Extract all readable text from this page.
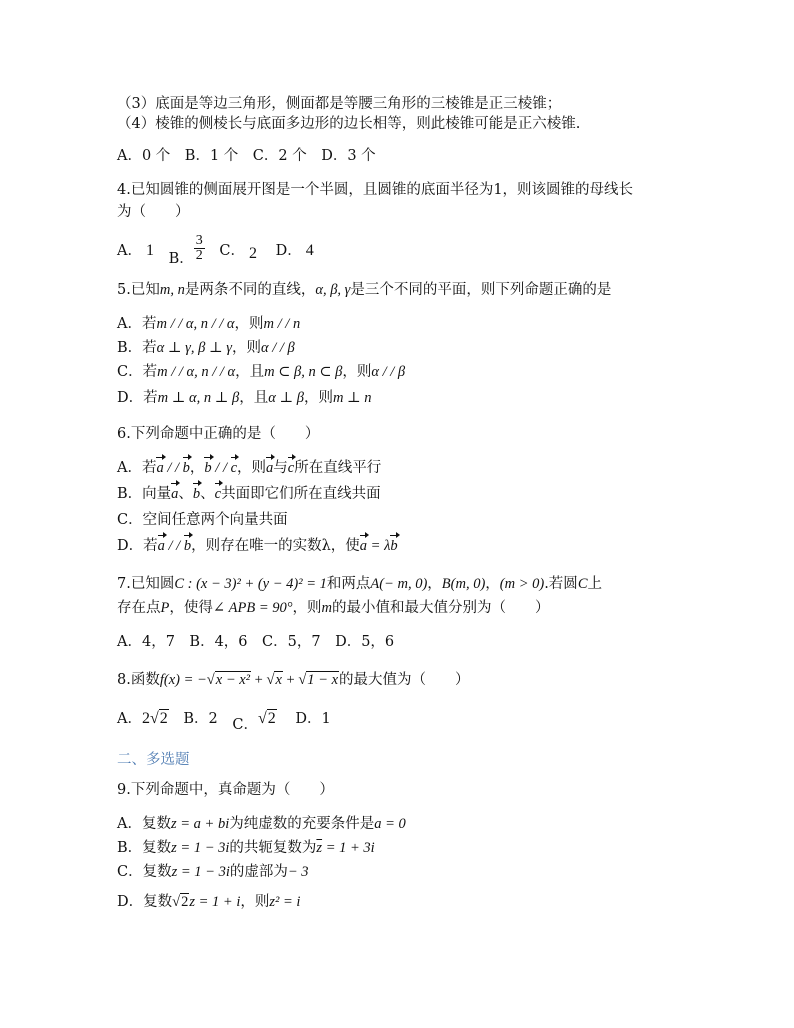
（3）底面是等边三角形，侧面都是等腰三角形的三棱锥是正三棱锥；
（4）棱锥的侧棱长与底面多边形的边长相等，则此棱锥可能是正六棱锥.
A．0 个　B．1 个　C．2 个　D．3 个
4.已知圆锥的侧面展开图是一个半圆，且圆锥的底面半径为1，则该圆锥的母线长
为（　　）
A． 1 B． $\frac{3}{2}$ C． 2 D． 4
5.已知m, n是两条不同的直线，α, β, γ是三个不同的平面，则下列命题正确的是
A．若m / / α, n / / α，则m / / n
B．若α ⊥ γ, β ⊥ γ，则α / / β
C．若m / / α, n / / α，且m ⊂ β, n ⊂ β，则α / / β
D．若m ⊥ α, n ⊥ β，且α ⊥ β，则m ⊥ n
6.下列命题中正确的是（　　）
A．若a / / b，b / / c，则a与c所在直线平行
B．向量a、b、c共面即它们所在直线共面
C．空间任意两个向量共面
D．若a / / b，则存在唯一的实数λ，使a = λb
7.已知圆C : (x − 3)² + (y − 4)² = 1和两点A(− m, 0)，B(m, 0)，(m > 0).若圆C上
存在点P，使得∠ APB = 90°，则m的最小值和最大值分别为（　　）
A．4，7　B．4，6　C．5，7　D．5，6
8.函数f(x) = −√x − x² + √x + √1 − x的最大值为（　　）
A．2√2 B．2 C．√2 D．1
二、多选题
9.下列命题中，真命题为（　　）
A．复数z = a + bi为纯虚数的充要条件是a = 0
B．复数z = 1 − 3i的共轭复数为$\overline{z} = 1 + 3i$
C．复数z = 1 − 3i的虚部为− 3
D．复数√2z = 1 + i，则z² = i
